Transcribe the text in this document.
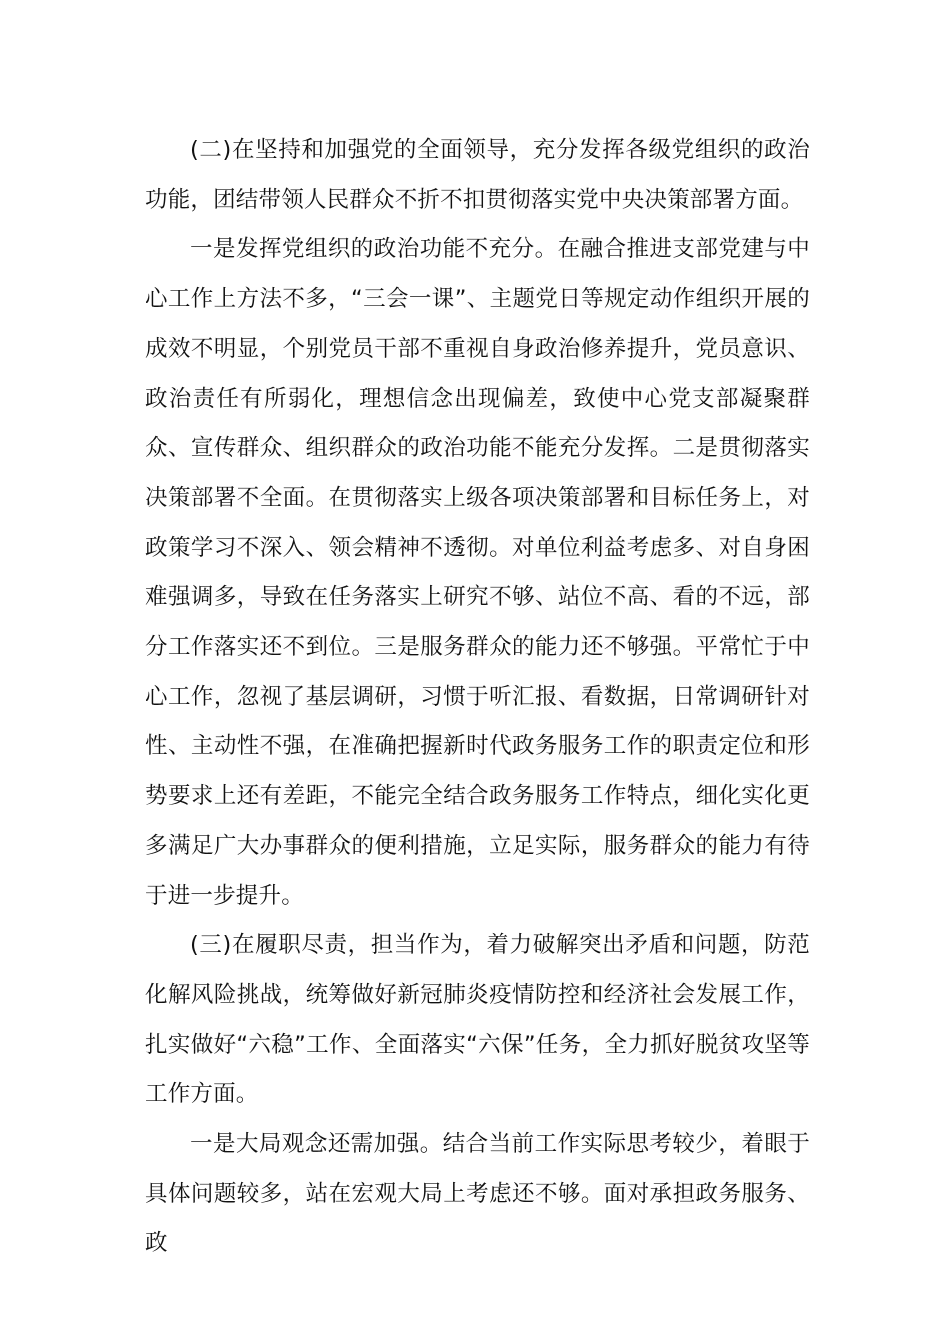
(二)在坚持和加强党的全面领导，充分发挥各级党组织的政治功能，团结带领人民群众不折不扣贯彻落实党中央决策部署方面。

一是发挥党组织的政治功能不充分。在融合推进支部党建与中心工作上方法不多，“三会一课”、主题党日等规定动作组织开展的成效不明显，个别党员干部不重视自身政治修养提升，党员意识、政治责任有所弱化，理想信念出现偏差，致使中心党支部凝聚群众、宣传群众、组织群众的政治功能不能充分发挥。二是贯彻落实决策部署不全面。在贯彻落实上级各项决策部署和目标任务上，对政策学习不深入、领会精神不透彻。对单位利益考虑多、对自身困难强调多，导致在任务落实上研究不够、站位不高、看的不远，部分工作落实还不到位。三是服务群众的能力还不够强。平常忙于中心工作，忽视了基层调研，习惯于听汇报、看数据，日常调研针对性、主动性不强，在准确把握新时代政务服务工作的职责定位和形势要求上还有差距，不能完全结合政务服务工作特点，细化实化更多满足广大办事群众的便利措施，立足实际，服务群众的能力有待于进一步提升。

(三)在履职尽责，担当作为，着力破解突出矛盾和问题，防范化解风险挑战，统筹做好新冠肺炎疫情防控和经济社会发展工作，扎实做好“六稳”工作、全面落实“六保”任务，全力抓好脱贫攻坚等工作方面。

一是大局观念还需加强。结合当前工作实际思考较少，着眼于具体问题较多，站在宏观大局上考虑还不够。面对承担政务服务、政
